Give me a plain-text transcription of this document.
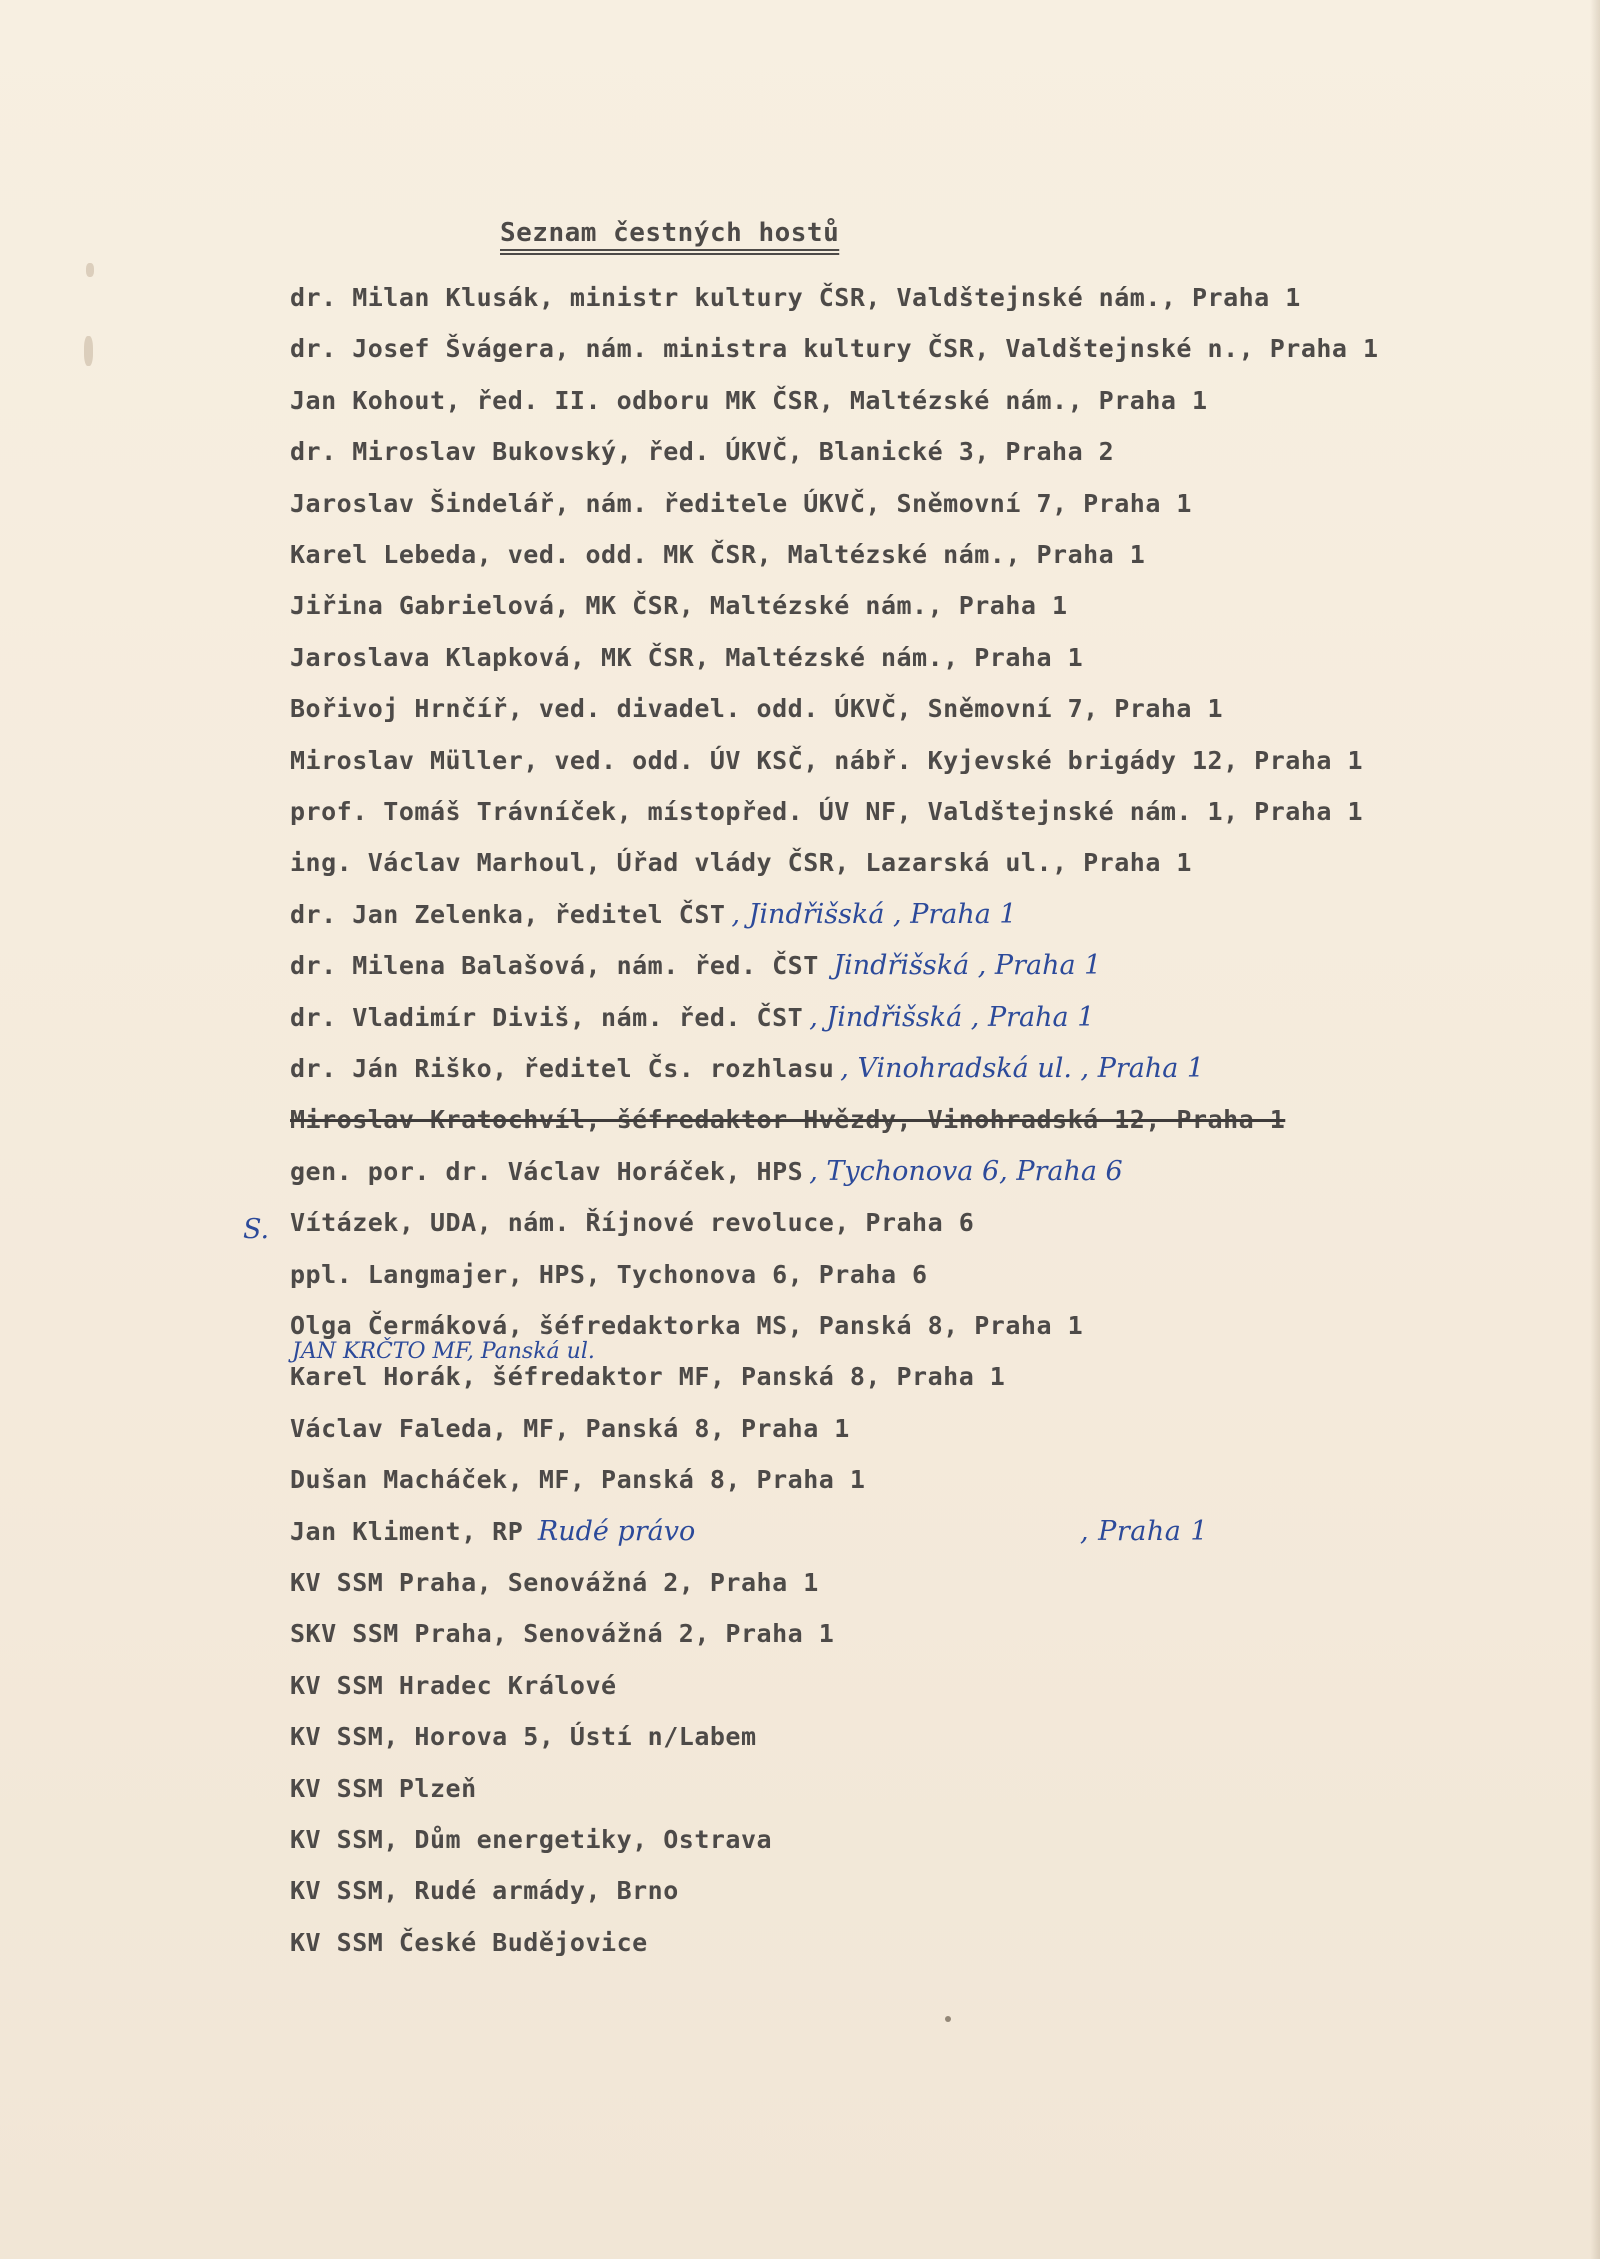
Seznam čestných hostů
S.
JAN KRČTO MF, Panská ul.
dr. Milan Klusák, ministr kultury ČSR, Valdštejnské nám., Praha 1
dr. Josef Švágera, nám. ministra kultury ČSR, Valdštejnské n., Praha 1
Jan Kohout, řed. II. odboru MK ČSR, Maltézské nám., Praha 1
dr. Miroslav Bukovský, řed. ÚKVČ, Blanické 3, Praha 2
Jaroslav Šindelář, nám. ředitele ÚKVČ, Sněmovní 7, Praha 1
Karel Lebeda, ved. odd. MK ČSR, Maltézské nám., Praha 1
Jiřina Gabrielová, MK ČSR, Maltézské nám., Praha 1
Jaroslava Klapková, MK ČSR, Maltézské nám., Praha 1
Bořivoj Hrnčíř, ved. divadel. odd. ÚKVČ, Sněmovní 7, Praha 1
Miroslav Müller, ved. odd. ÚV KSČ, nábř. Kyjevské brigády 12, Praha 1
prof. Tomáš Trávníček, místopřed. ÚV NF, Valdštejnské nám. 1, Praha 1
ing. Václav Marhoul, Úřad vlády ČSR, Lazarská ul., Praha 1
dr. Jan Zelenka, ředitel ČST , Jindřišská , Praha 1
dr. Milena Balašová, nám. řed. ČST Jindřišská , Praha 1
dr. Vladimír Diviš, nám. řed. ČST , Jindřišská , Praha 1
dr. Ján Riško, ředitel Čs. rozhlasu , Vinohradská ul. , Praha 1
Miroslav Kratochvíl, šéfredaktor Hvězdy, Vinohradská 12, Praha 1
gen. por. dr. Václav Horáček, HPS , Tychonova 6, Praha 6
Vítázek, UDA, nám. Říjnové revoluce, Praha 6
ppl. Langmajer, HPS, Tychonova 6, Praha 6
Olga Čermáková, šéfredaktorka MS, Panská 8, Praha 1
Karel Horák, šéfredaktor MF, Panská 8, Praha 1
Václav Faleda, MF, Panská 8, Praha 1
Dušan Macháček, MF, Panská 8, Praha 1
Jan Kliment, RP Rudé právo	, Praha 1
KV SSM Praha, Senovážná 2, Praha 1
SKV SSM Praha, Senovážná 2, Praha 1
KV SSM Hradec Králové
KV SSM, Horova 5, Ústí n/Labem
KV SSM Plzeň
KV SSM, Dům energetiky, Ostrava
KV SSM, Rudé armády, Brno
KV SSM České Budějovice
